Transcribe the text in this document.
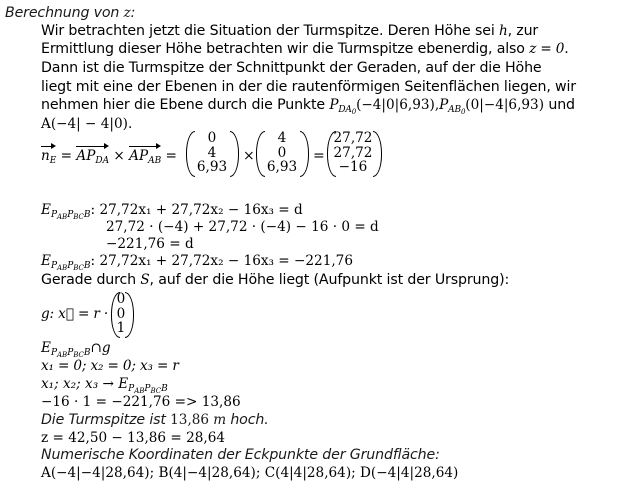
Berechnung von z:
Wir betrachten jetzt die Situation der Turmspitze. Deren Höhe sei h, zur
Ermittlung dieser Höhe betrachten wir die Turmspitze ebenerdig, also z = 0.
Dann ist die Turmspitze der Schnittpunkt der Geraden, auf der die Höhe
liegt mit eine der Ebenen in der die rautenförmigen Seitenflächen liegen, wir
nehmen hier die Ebene durch die Punkte $P_{DA_0}(-4|0|6,93),P_{AB_0}(0|-4|6,93)$ und
A(−4| − 4|0).
$n_E = AP_{DA} \times AP_{AB}$ =
0
4
6,93
×
4
0
6,93
=
27,72
27,72
−16
$E_{P_{AB}P_{BC}B}$: 27,72x₁ + 27,72x₂ − 16x₃ = d
27,72 · (−4) + 27,72 · (−4) − 16 · 0 = d
−221,76 = d
$E_{P_{AB}P_{BC}B}$: 27,72x₁ + 27,72x₂ − 16x₃ = −221,76
Gerade durch S, auf der die Höhe liegt (Aufpunkt ist der Ursprung):
g: x⃗ = r ·
0
0
1
$E_{P_{AB}P_{BC}B}\cap g$
x₁ = 0; x₂ = 0; x₃ = r
x₁; x₂; $x_3 \to E_{P_{AB}P_{BC}B}$
−16 · 1 = −221,76 => 13,86
Die Turmspitze ist 13,86 m hoch.
z = 42,50 − 13,86 = 28,64
Numerische Koordinaten der Eckpunkte der Grundfläche:
A(−4|−4|28,64); B(4|−4|28,64); C(4|4|28,64); D(−4|4|28,64)
